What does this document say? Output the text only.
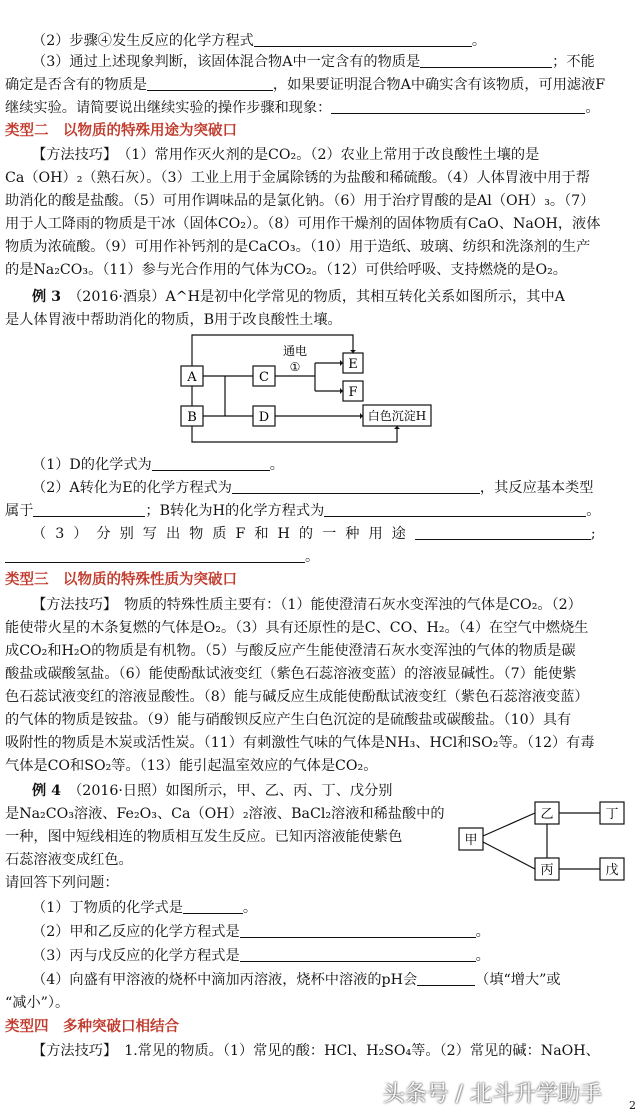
（2）步骤④发生反应的化学方程式	。
（3）通过上述现象判断，该固体混合物A中一定含有的物质是	；不能
确定是否含有的物质是	，如果要证明混合物A中确实含有该物质，可用滤液F
继续实验。请简要说出继续实验的操作步骤和现象：	。
类型二　以物质的特殊用途为突破口
【方法技巧】　（1）常用作灭火剂的是CO₂。（2）农业上常用于改良酸性土壤的是
Ca（OH）₂（熟石灰）。（3）工业上用于金属除锈的为盐酸和稀硫酸。（4）人体胃液中用于帮
助消化的酸是盐酸。（5）可用作调味品的是氯化钠。（6）用于治疗胃酸的是Al（OH）₃。（7）
用于人工降雨的物质是干冰（固体CO₂）。（8）可用作干燥剂的固体物质有CaO、NaOH，液体
物质为浓硫酸。（9）可用作补钙剂的是CaCO₃。（10）用于造纸、玻璃、纺织和洗涤剂的生产
的是Na₂CO₃。（11）参与光合作用的气体为CO₂。（12）可供给呼吸、支持燃烧的是O₂。
例 3　 （2016·酒泉）A^H是初中化学常见的物质，其相互转化关系如图所示，其中A
是人体胃液中帮助消化的物质，B用于改良酸性土壤。
A
B
C
D
E
F
白色沉淀H
通电
①
（1）D的化学式为	。
（2）A转化为E的化学方程式为	，其反应基本类型
属于	；B转化为H的化学方程式为	。
（3）分别写出物质F和H的一种用途	;
。
类型三　以物质的特殊性质为突破口
【方法技巧】　物质的特殊性质主要有：（1）能使澄清石灰水变浑浊的气体是CO₂。（2）
能使带火星的木条复燃的气体是O₂。（3）具有还原性的是C、CO、H₂。（4）在空气中燃烧生
成CO₂和H₂O的物质是有机物。（5）与酸反应产生能使澄清石灰水变浑浊的气体的物质是碳
酸盐或碳酸氢盐。（6）能使酚酞试液变红（紫色石蕊溶液变蓝）的溶液显碱性。（7）能使紫
色石蕊试液变红的溶液显酸性。（8）能与碱反应生成能使酚酞试液变红（紫色石蕊溶液变蓝）
的气体的物质是铵盐。（9）能与硝酸钡反应产生白色沉淀的是硫酸盐或碳酸盐。（10）具有
吸附性的物质是木炭或活性炭。（11）有刺激性气味的气体是NH₃、HCl和SO₂等。（12）有毒
气体是CO和SO₂等。（13）能引起温室效应的气体是CO₂。
例 4　 （2016·日照）如图所示，甲、乙、丙、丁、戊分别
是Na₂CO₃溶液、Fe₂O₃、Ca（OH）₂溶液、BaCl₂溶液和稀盐酸中的
一种，图中短线相连的物质相互发生反应。已知丙溶液能使紫色
石蕊溶液变成红色。
请回答下列问题：
甲
乙
丙
丁
戊
（1）丁物质的化学式是	。
（2）甲和乙反应的化学方程式是	。
（3）丙与戊反应的化学方程式是	。
（4）向盛有甲溶液的烧杯中滴加丙溶液，烧杯中溶液的pH会	（填“增大”或
“减小”）。
类型四　多种突破口相结合
【方法技巧】　1.常见的物质。（1）常见的酸：HCl、H₂SO₄等。（2）常见的碱：NaOH、
头条号 / 北斗升学助手 2
